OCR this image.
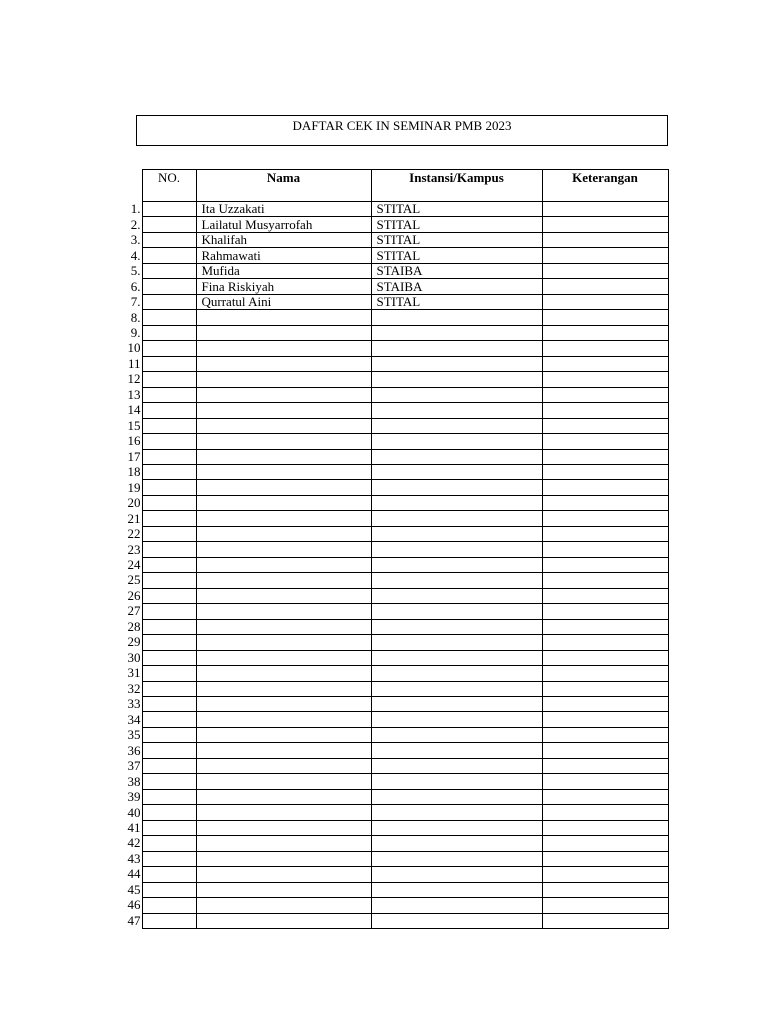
DAFTAR CEK IN SEMINAR PMB 2023
	NO.	Nama	Instansi/Kampus	Keterangan
1.		Ita Uzzakati	STITAL	
2.		Lailatul Musyarrofah	STITAL	
3.		Khalifah	STITAL	
4.		Rahmawati	STITAL	
5.		Mufida	STAIBA	
6.		Fina Riskiyah	STAIBA	
7.		Qurratul Aini	STITAL	
8.				
9.				
10				
11				
12				
13				
14				
15				
16				
17				
18				
19				
20				
21				
22				
23				
24				
25				
26				
27				
28				
29				
30				
31				
32				
33				
34				
35				
36				
37				
38				
39				
40				
41				
42				
43				
44				
45				
46				
47				
